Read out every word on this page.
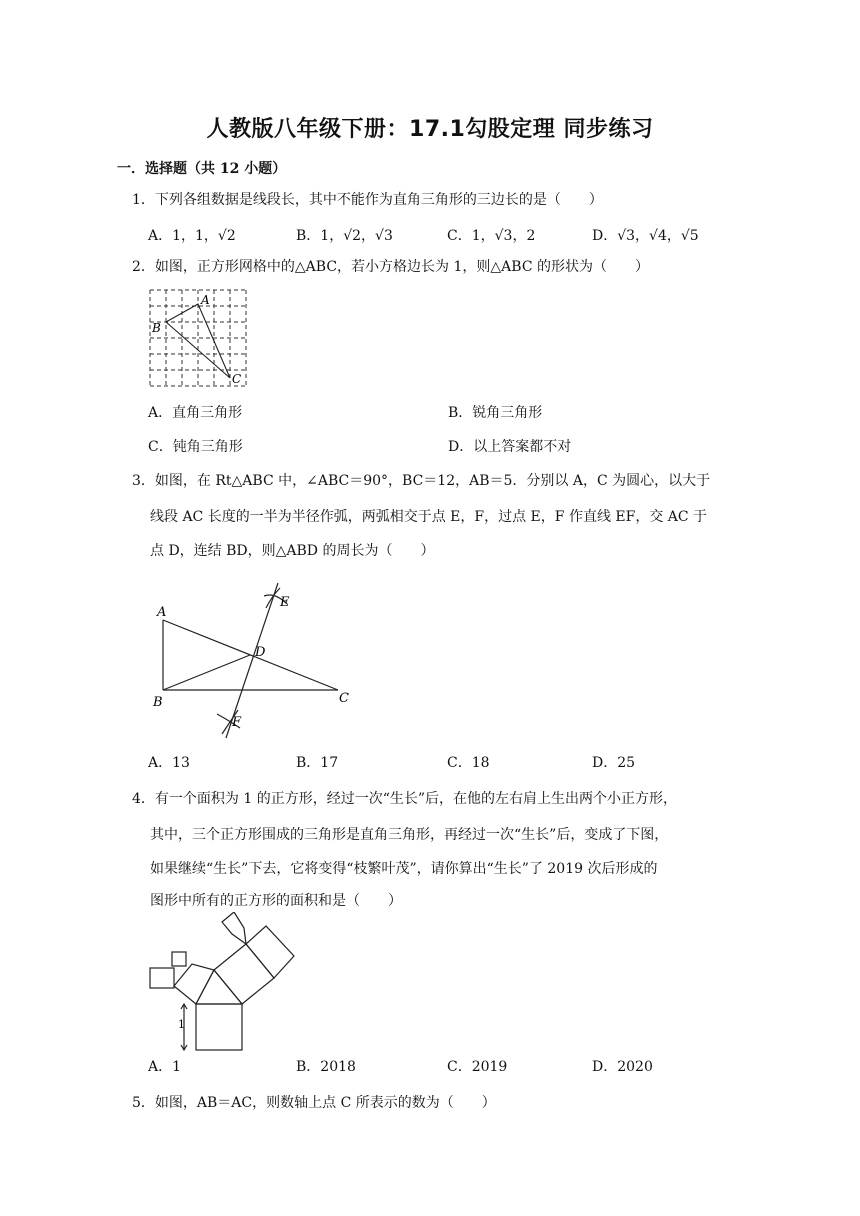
人教版八年级下册：17.1勾股定理 同步练习
一．选择题（共 12 小题）
1．下列各组数据是线段长，其中不能作为直角三角形的三边长的是（　　）
A．1，1，√2	B．1，√2，√3	C．1，√3，2	D．√3，√4，√5
2．如图，正方形网格中的△ABC，若小方格边长为 1，则△ABC 的形状为（　　）
A
B
C
A．直角三角形	B．锐角三角形
C．钝角三角形	D．以上答案都不对
3．如图，在 Rt△ABC 中，∠ABC＝90°，BC＝12，AB＝5．分别以 A，C 为圆心，以大于
线段 AC 长度的一半为半径作弧，两弧相交于点 E，F，过点 E，F 作直线 EF，交 AC 于
点 D，连结 BD，则△ABD 的周长为（　　）
A
B	C
D
E
F
A．13	B．17	C．18	D．25
4．有一个面积为 1 的正方形，经过一次“生长”后，在他的左右肩上生出两个小正方形，
其中，三个正方形围成的三角形是直角三角形，再经过一次“生长”后，变成了下图，
如果继续“生长”下去，它将变得“枝繁叶茂”，请你算出“生长”了 2019 次后形成的
图形中所有的正方形的面积和是（　　）
1
A．1	B．2018	C．2019	D．2020
5．如图，AB＝AC，则数轴上点 C 所表示的数为（　　）
